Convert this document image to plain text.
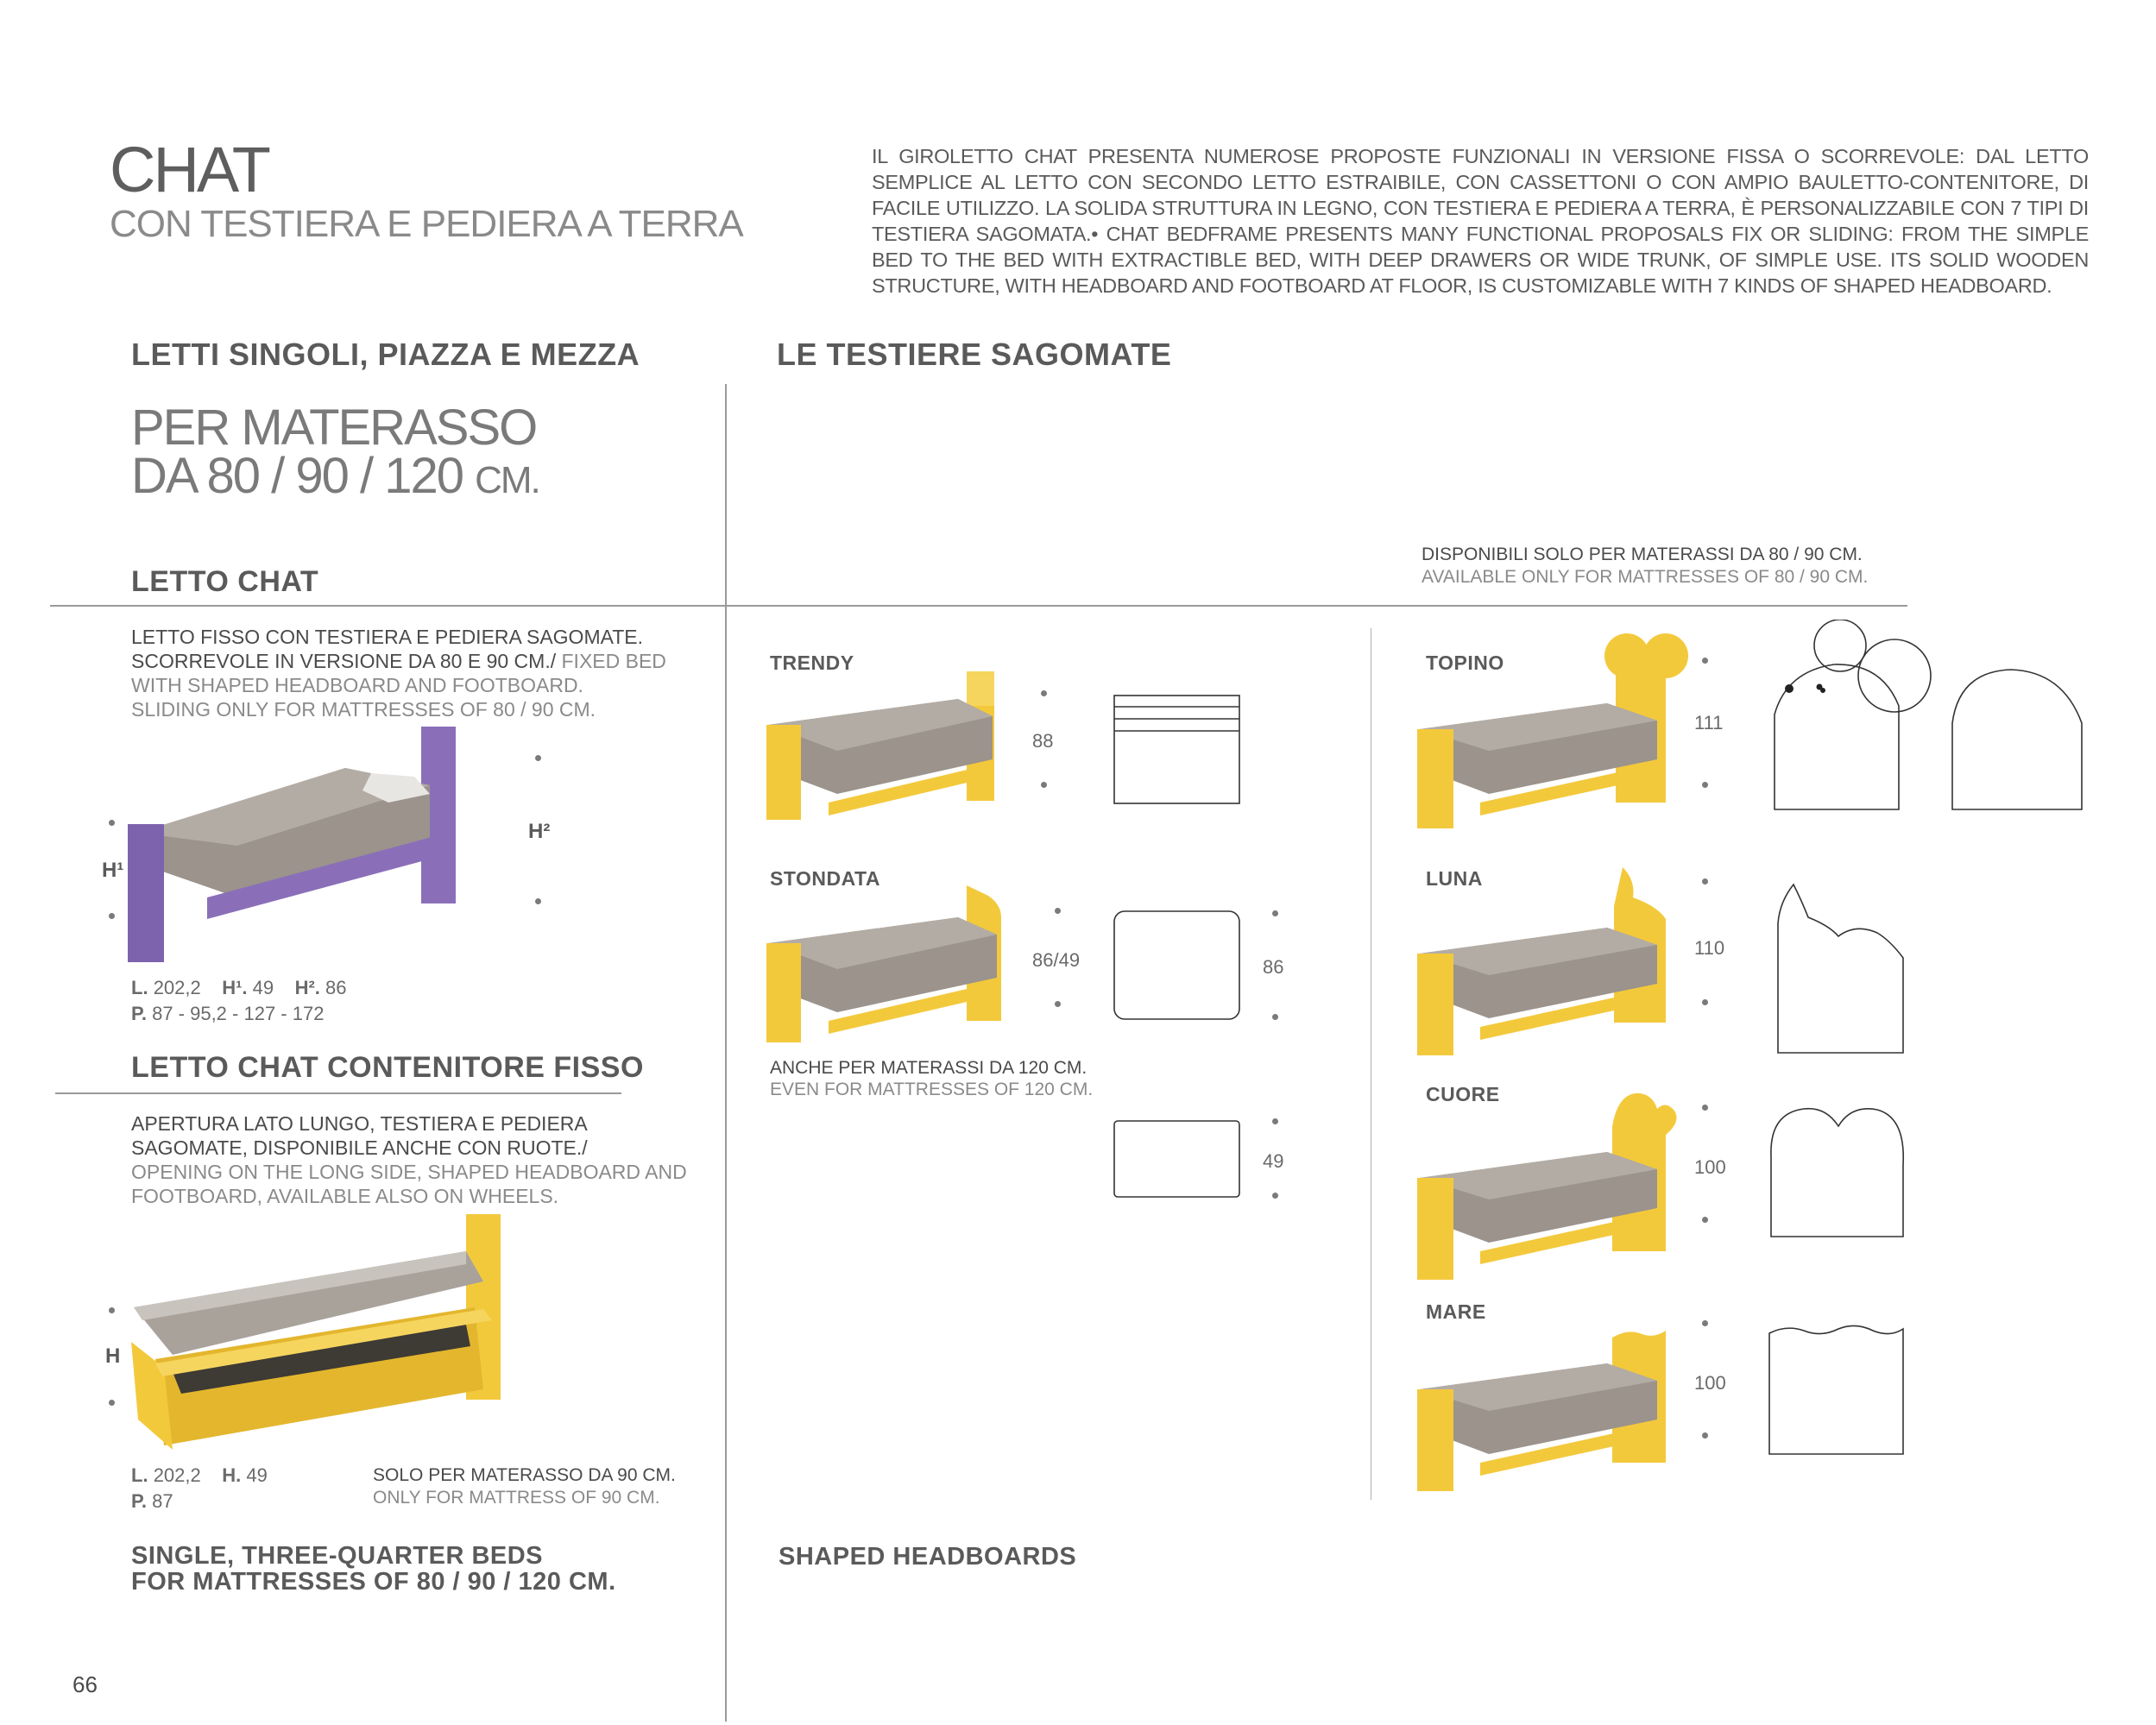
CHAT
CON TESTIERA E PEDIERA A TERRA
IL GIROLETTO CHAT PRESENTA NUMEROSE PROPOSTE FUNZIONALI IN VERSIONE FISSA O SCORREVOLE: DAL LETTO SEMPLICE AL LETTO CON SECONDO LETTO ESTRAIBILE, CON CASSETTONI O CON AMPIO BAULETTO-CONTENITORE, DI FACILE UTILIZZO. LA SOLIDA STRUTTURA IN LEGNO, CON TESTIERA E PEDIERA A TERRA, È PERSONALIZZABILE CON 7 TIPI DI TESTIERA SAGOMATA.• CHAT BEDFRAME PRESENTS MANY FUNCTIONAL PROPOSALS FIX OR SLIDING: FROM THE SIMPLE BED TO THE BED WITH EXTRACTIBLE BED, WITH DEEP DRAWERS OR WIDE TRUNK, OF SIMPLE USE. ITS SOLID WOODEN STRUCTURE, WITH HEADBOARD AND FOOTBOARD AT FLOOR, IS CUSTOMIZABLE WITH 7 KINDS OF SHAPED HEADBOARD.
LETTI SINGOLI, PIAZZA E MEZZA	LE TESTIERE SAGOMATE
PER MATERASSO
DA 80 / 90 / 120 CM.
LETTO CHAT
LETTO FISSO CON TESTIERA E PEDIERA SAGOMATE. SCORREVOLE IN VERSIONE DA 80 E 90 CM./ FIXED BED WITH SHAPED HEADBOARD AND FOOTBOARD. SLIDING ONLY FOR MATTRESSES OF 80 / 90 CM.
H¹
H²
L. 202,2 H¹. 49 H². 86
P. 87 - 95,2 - 127 - 172
LETTO CHAT CONTENITORE FISSO
APERTURA LATO LUNGO, TESTIERA E PEDIERA SAGOMATE, DISPONIBILE ANCHE CON RUOTE./
OPENING ON THE LONG SIDE, SHAPED HEADBOARD AND FOOTBOARD, AVAILABLE ALSO ON WHEELS.
H
L. 202,2 H. 49
P. 87
SOLO PER MATERASSO DA 90 CM.
ONLY FOR MATTRESS OF 90 CM.
SINGLE, THREE-QUARTER BEDS
FOR MATTRESSES OF 80 / 90 / 120 CM.
DISPONIBILI SOLO PER MATERASSI DA 80 / 90 CM.
AVAILABLE ONLY FOR MATTRESSES OF 80 / 90 CM.
TRENDY
88
STONDATA
86/49	86
ANCHE PER MATERASSI DA 120 CM.
EVEN FOR MATTRESSES OF 120 CM.
49
TOPINO
111
LUNA
110
CUORE
100
MARE
100
SHAPED HEADBOARDS
66
